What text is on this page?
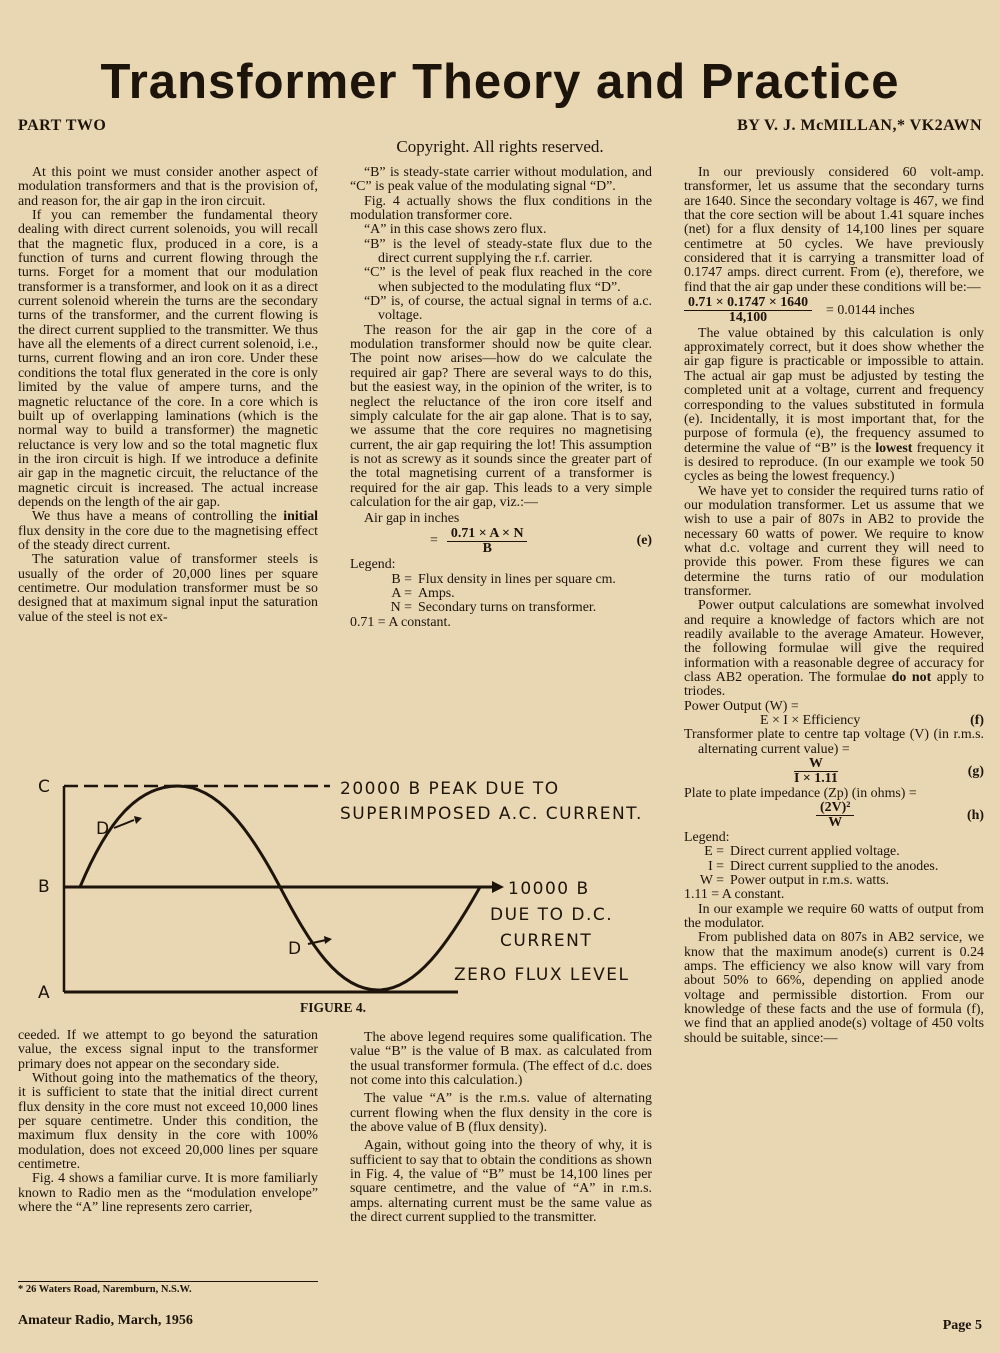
Transformer Theory and Practice
PART TWO	BY V. J. McMILLAN,* VK2AWN
Copyright. All rights reserved.

At this point we must consider another aspect of modulation transformers and that is the provision of, and reason for, the air gap in the iron circuit.

If you can remember the fundamental theory dealing with direct current solenoids, you will recall that the magnetic flux, produced in a core, is a function of turns and current flowing through the turns. Forget for a moment that our modulation transformer is a transformer, and look on it as a direct current solenoid wherein the turns are the secondary turns of the transformer, and the current flowing is the direct current supplied to the transmitter. We thus have all the elements of a direct current solenoid, i.e., turns, current flowing and an iron core. Under these conditions the total flux generated in the core is only limited by the value of ampere turns, and the magnetic reluctance of the core. In a core which is built up of overlapping laminations (which is the normal way to build a transformer) the magnetic reluctance is very low and so the total magnetic flux in the iron circuit is high. If we introduce a definite air gap in the magnetic circuit, the reluctance of the magnetic circuit is increased. The actual increase depends on the length of the air gap.

We thus have a means of controlling the initial flux density in the core due to the magnetising effect of the steady direct current.

The saturation value of transformer steels is usually of the order of 20,000 lines per square centimetre. Our modulation transformer must be so designed that at maximum signal input the saturation value of the steel is not ex-

“B” is steady-state carrier without modulation, and “C” is peak value of the modulating signal “D”.

Fig. 4 actually shows the flux conditions in the modulation transformer core.

“A” in this case shows zero flux.

“B” is the level of steady-state flux due to the direct current supplying the r.f. carrier.

“C” is the level of peak flux reached in the core when subjected to the modulating flux “D”.

“D” is, of course, the actual signal in terms of a.c. voltage.

The reason for the air gap in the core of a modulation transformer should now be quite clear. The point now arises—how do we calculate the required air gap? There are several ways to do this, but the easiest way, in the opinion of the writer, is to neglect the reluctance of the iron core itself and simply calculate for the air gap alone. That is to say, we assume that the core requires no magnetising current, the air gap requiring the lot! This assumption is not as screwy as it sounds since the greater part of the total magnetising current of a transformer is required for the air gap. This leads to a very simple calculation for the air gap, viz.:—

Air gap in inches

= $\frac{0.71 \times A \times N}{B}$	(e)

Legend:

B = Flux density in lines per square cm.
A = Amps.
N = Secondary turns on transformer.

0.71 = A constant.

In our previously considered 60 volt-amp. transformer, let us assume that the secondary turns are 1640. Since the secondary voltage is 467, we find that the core section will be about 1.41 square inches (net) for a flux density of 14,100 lines per square centimetre at 50 cycles. We have previously considered that it is carrying a transmitter load of 0.1747 amps. direct current. From (e), therefore, we find that the air gap under these conditions will be:—

$\frac{0.71 \times 0.1747 \times 1640}{14,100} = 0.0144$ inches

The value obtained by this calculation is only approximately correct, but it does show whether the air gap figure is practicable or impossible to attain. The actual air gap must be adjusted by testing the completed unit at a voltage, current and frequency corresponding to the values substituted in formula (e). Incidentally, it is most important that, for the purpose of formula (e), the frequency assumed to determine the value of “B” is the lowest frequency it is desired to reproduce. (In our example we took 50 cycles as being the lowest frequency.)

We have yet to consider the required turns ratio of our modulation transformer. Let us assume that we wish to use a pair of 807s in AB2 to provide the necessary 60 watts of power. We require to know what d.c. voltage and current they will need to provide this power. From these figures we can determine the turns ratio of our modulation transformer.

Power output calculations are somewhat involved and require a knowledge of factors which are not readily available to the average Amateur. However, the following formulae will give the required information with a reasonable degree of accuracy for class AB2 operation. The formulae do not apply to triodes.

Power Output (W) =

E × I × Efficiency	(f)

Transformer plate to centre tap voltage (V) (in r.m.s. alternating current value) =

$\frac{W}{I \times 1.11}$	(g)

Plate to plate impedance (Zp) (in ohms) =

$\frac{\text{(2V)²}}{W}$	(h)

Legend:

E = Direct current applied voltage.
I = Direct current supplied to the anodes.
W = Power output in r.m.s. watts.

1.11 = A constant.

In our example we require 60 watts of output from the modulator.

From published data on 807s in AB2 service, we know that the maximum anode(s) current is 0.24 amps. The efficiency we also know will vary from about 50% to 66%, depending on applied anode voltage and permissible distortion. From our knowledge of these facts and the use of formula (f), we find that an applied anode(s) voltage of 450 volts should be suitable, since:—

C
B
A
D
D
20000 B PEAK DUE TO
SUPERIMPOSED A.C. CURRENT.
10000 B
DUE TO D.C.
CURRENT
ZERO FLUX LEVEL
FIGURE 4.

ceeded. If we attempt to go beyond the saturation value, the excess signal input to the transformer primary does not appear on the secondary side.

Without going into the mathematics of the theory, it is sufficient to state that the initial direct current flux density in the core must not exceed 10,000 lines per square centimetre. Under this condition, the maximum flux density in the core with 100% modulation, does not exceed 20,000 lines per square centimetre.

Fig. 4 shows a familiar curve. It is more familiarly known to Radio men as the “modulation envelope” where the “A” line represents zero carrier,

* 26 Waters Road, Naremburn, N.S.W.

The above legend requires some qualification. The value “B” is the value of B max. as calculated from the usual transformer formula. (The effect of d.c. does not come into this calculation.)

The value “A” is the r.m.s. value of alternating current flowing when the flux density in the core is the above value of B (flux density).

Again, without going into the theory of why, it is sufficient to say that to obtain the conditions as shown in Fig. 4, the value of “B” must be 14,100 lines per square centimetre, and the value of “A” in r.m.s. amps. alternating current must be the same value as the direct current supplied to the transmitter.

Amateur Radio, March, 1956	Page 5
